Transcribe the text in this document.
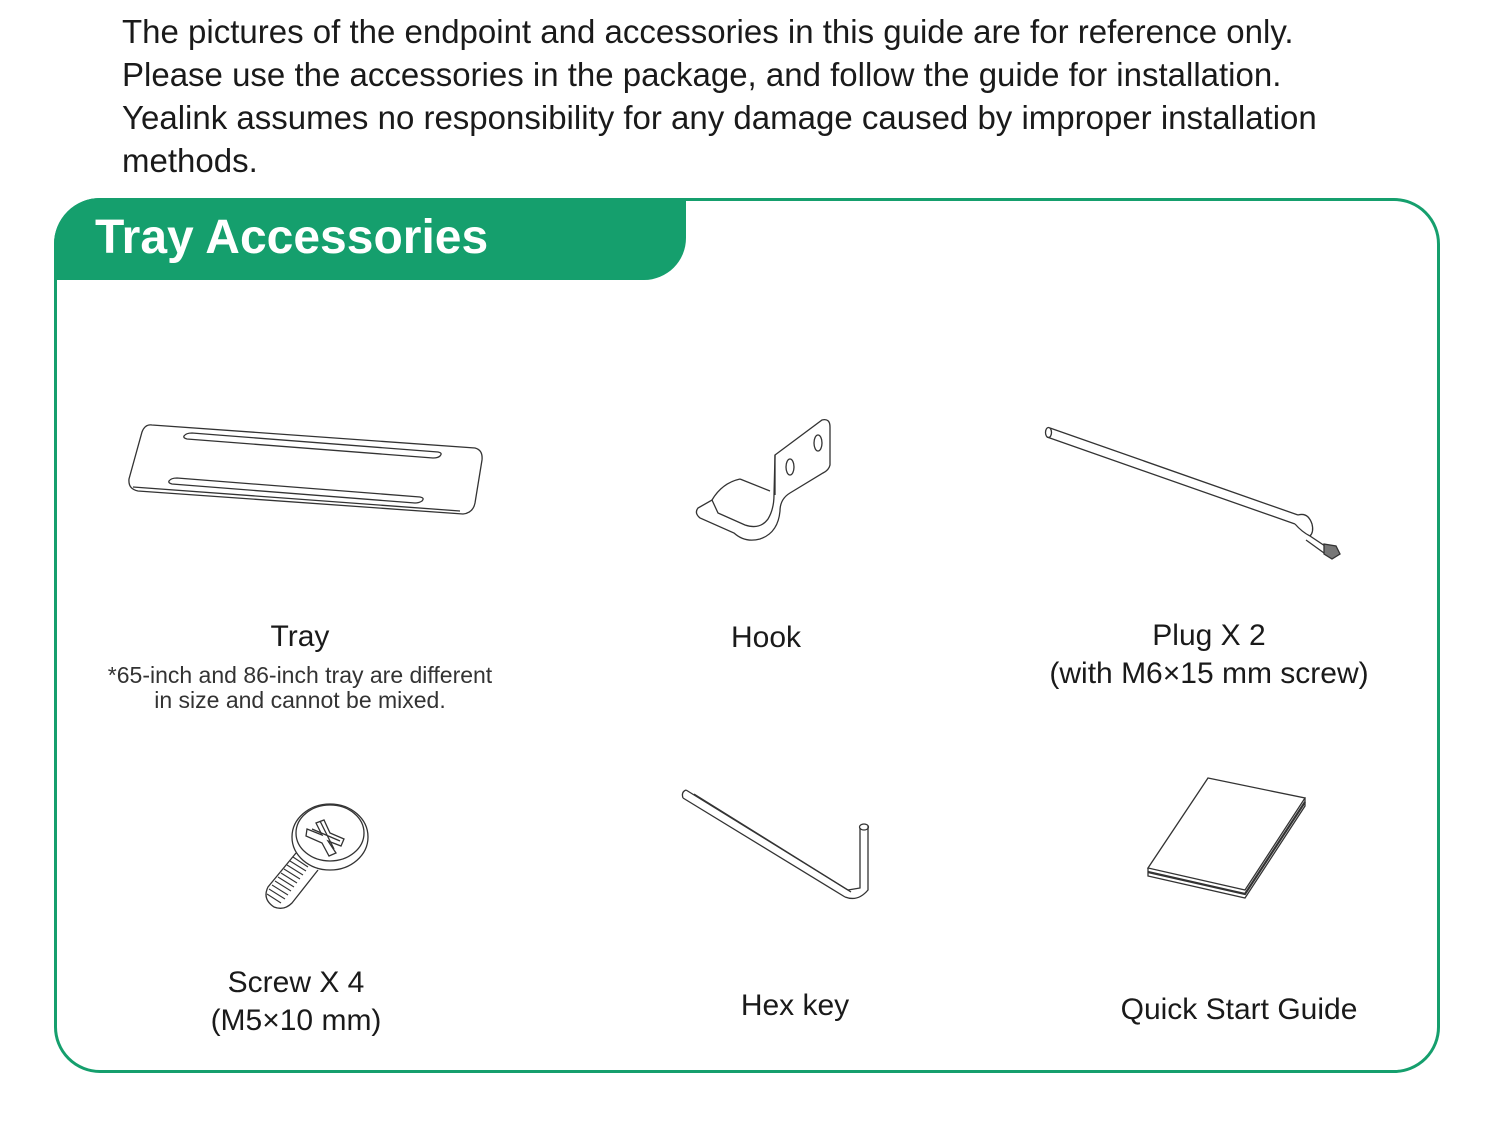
The pictures of the endpoint and accessories in this guide are for reference only.

Please use the accessories in the package, and follow the guide for installation.

Yealink assumes no responsibility for any damage caused by improper installation

methods.

Tray Accessories
Tray
*65-inch and 86-inch tray are different
in size and cannot be mixed.
Hook	Plug X 2
(with M6×15 mm screw)
Screw X 4
(M5×10 mm)	Hex key	Quick Start Guide
